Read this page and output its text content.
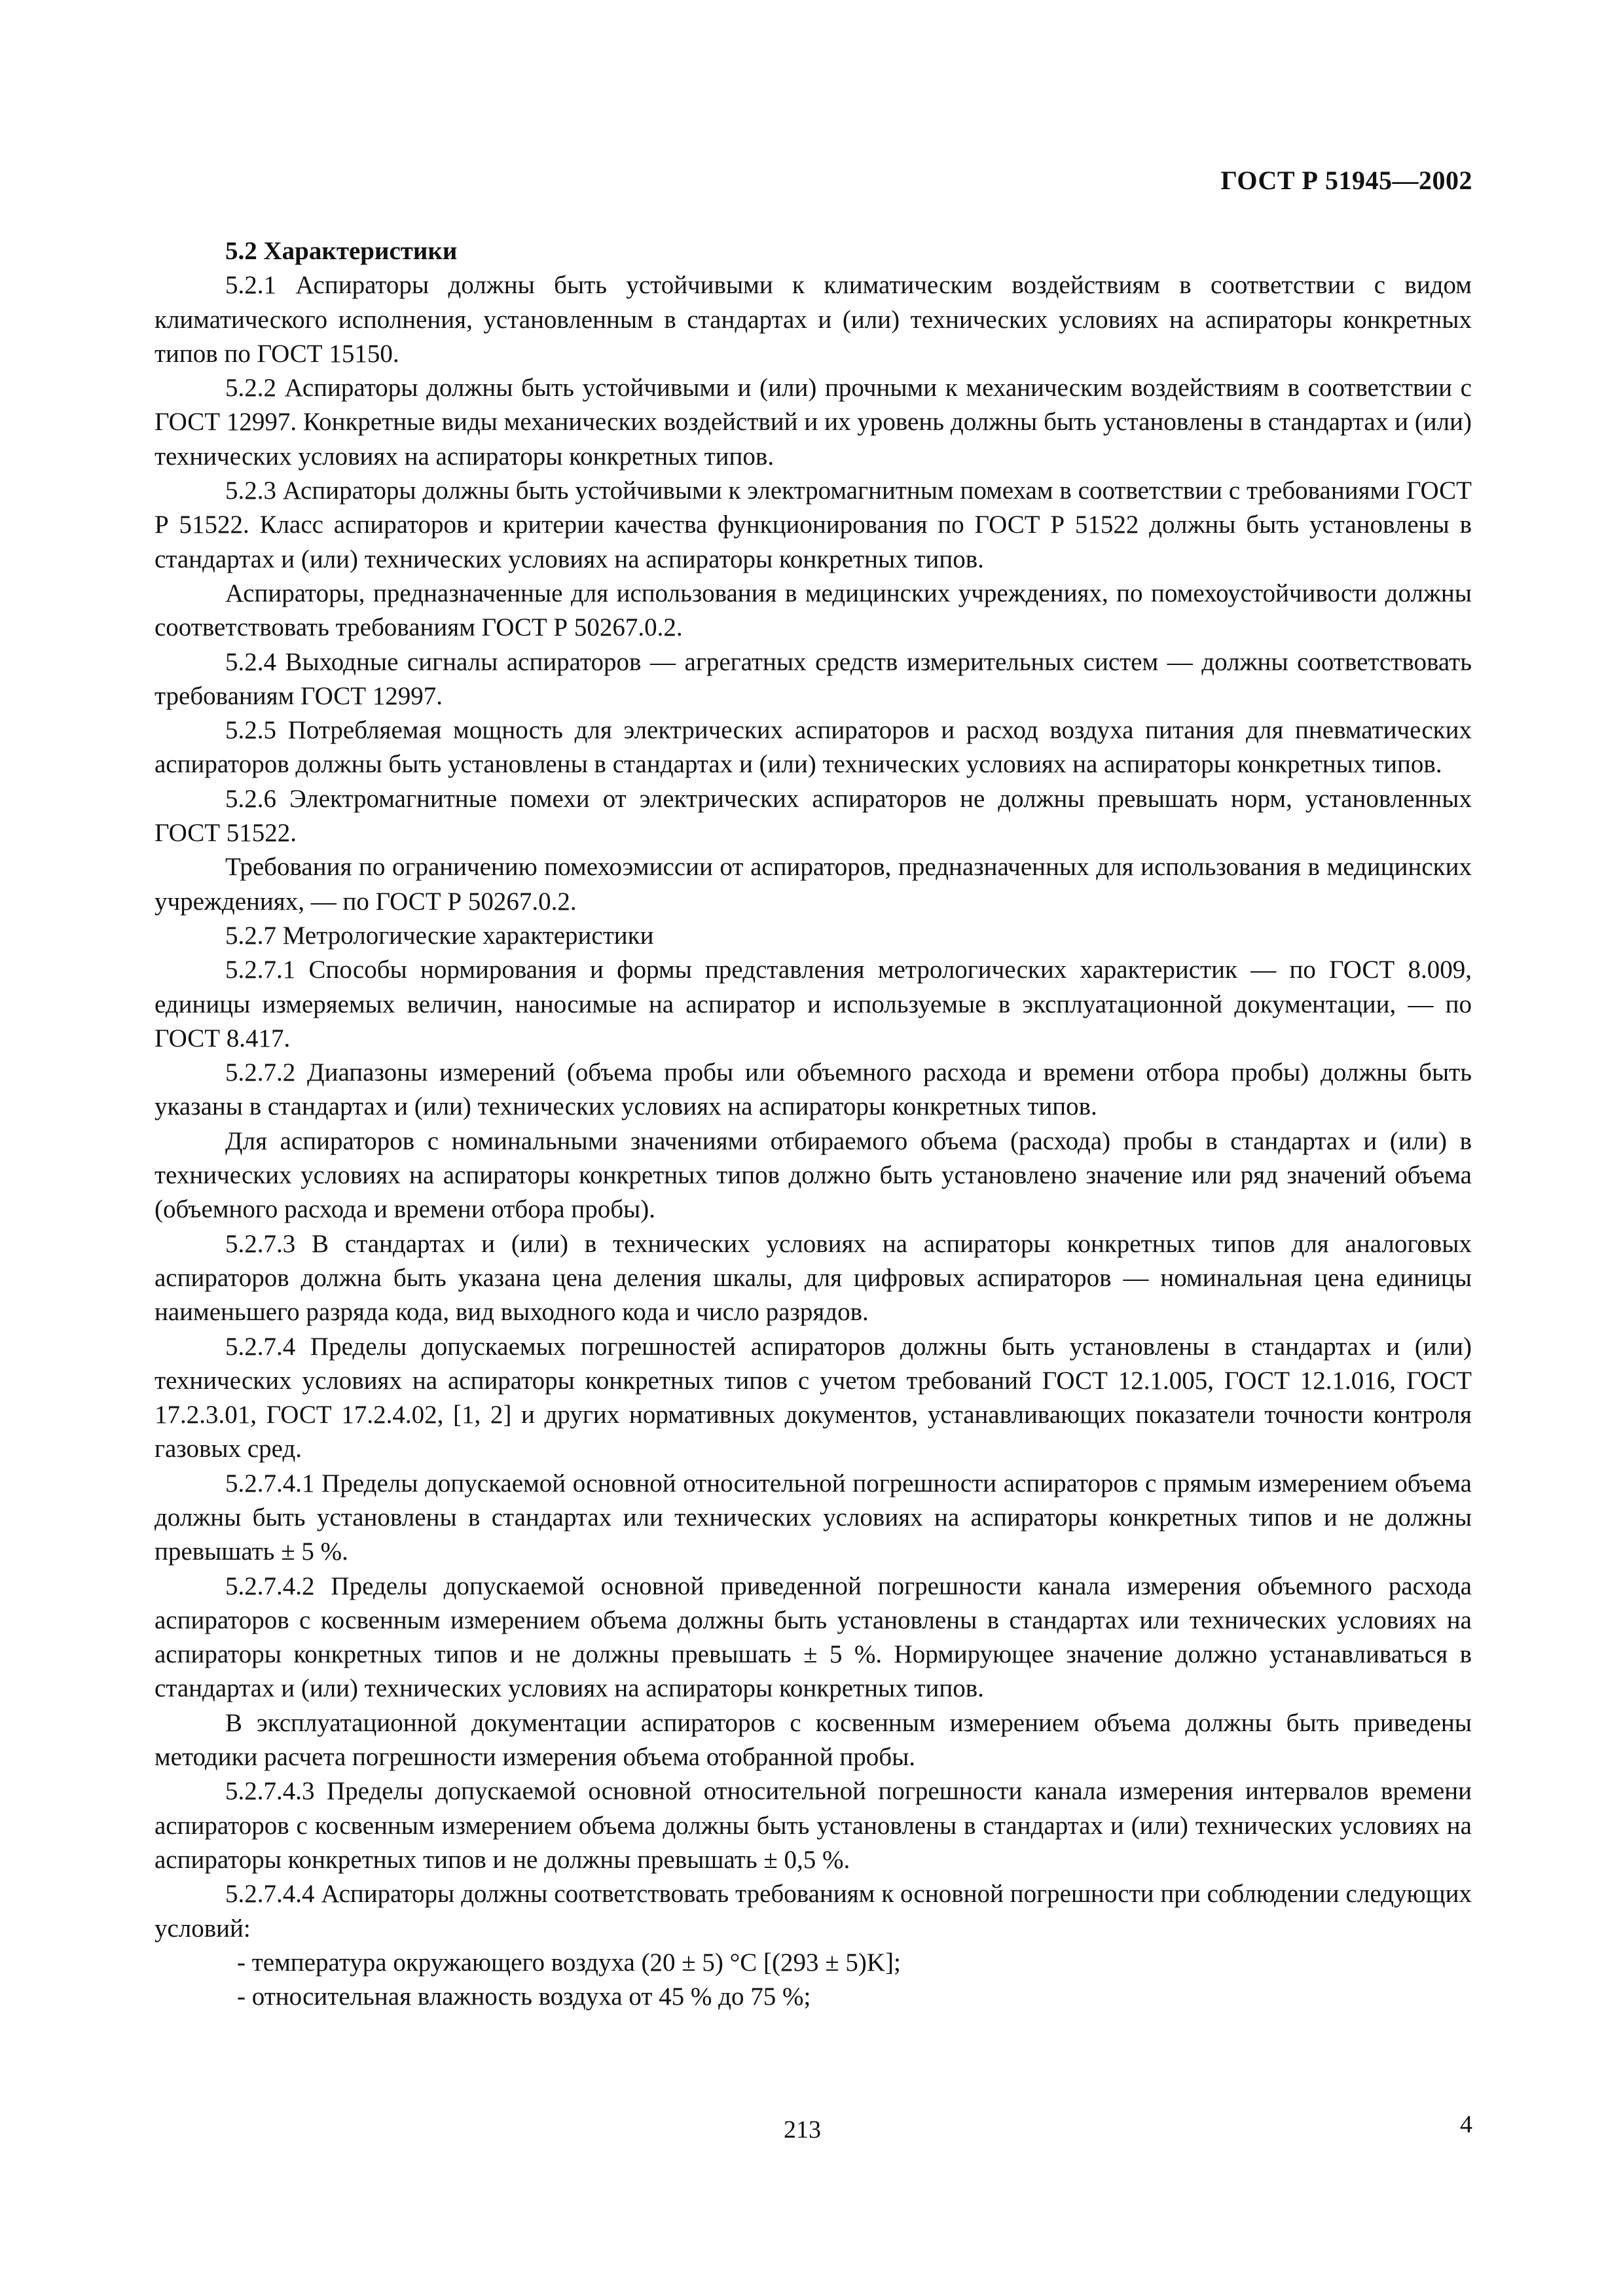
ГОСТ Р 51945—2002

5.2 Характеристики

5.2.1 Аспираторы должны быть устойчивыми к климатическим воздействиям в соответствии с видом климатического исполнения, установленным в стандартах и (или) технических условиях на аспираторы конкретных типов по ГОСТ 15150.

5.2.2 Аспираторы должны быть устойчивыми и (или) прочными к механическим воздействиям в соответствии с ГОСТ 12997. Конкретные виды механических воздействий и их уровень должны быть установлены в стандартах и (или) технических условиях на аспираторы конкретных типов.

5.2.3 Аспираторы должны быть устойчивыми к электромагнитным помехам в соответствии с требованиями ГОСТ Р 51522. Класс аспираторов и критерии качества функционирования по ГОСТ Р 51522 должны быть установлены в стандартах и (или) технических условиях на аспираторы конкретных типов.

Аспираторы, предназначенные для использования в медицинских учреждениях, по помехоустойчивости должны соответствовать требованиям ГОСТ Р 50267.0.2.

5.2.4 Выходные сигналы аспираторов — агрегатных средств измерительных систем — должны соответствовать требованиям ГОСТ 12997.

5.2.5 Потребляемая мощность для электрических аспираторов и расход воздуха питания для пневматических аспираторов должны быть установлены в стандартах и (или) технических условиях на аспираторы конкретных типов.

5.2.6 Электромагнитные помехи от электрических аспираторов не должны превышать норм, установленных ГОСТ 51522.

Требования по ограничению помехоэмиссии от аспираторов, предназначенных для использования в медицинских учреждениях, — по ГОСТ Р 50267.0.2.

5.2.7 Метрологические характеристики

5.2.7.1 Способы нормирования и формы представления метрологических характеристик — по ГОСТ 8.009, единицы измеряемых величин, наносимые на аспиратор и используемые в эксплуатационной документации, — по ГОСТ 8.417.

5.2.7.2 Диапазоны измерений (объема пробы или объемного расхода и времени отбора пробы) должны быть указаны в стандартах и (или) технических условиях на аспираторы конкретных типов.

Для аспираторов с номинальными значениями отбираемого объема (расхода) пробы в стандартах и (или) в технических условиях на аспираторы конкретных типов должно быть установлено значение или ряд значений объема (объемного расхода и времени отбора пробы).

5.2.7.3 В стандартах и (или) в технических условиях на аспираторы конкретных типов для аналоговых аспираторов должна быть указана цена деления шкалы, для цифровых аспираторов — номинальная цена единицы наименьшего разряда кода, вид выходного кода и число разрядов.

5.2.7.4 Пределы допускаемых погрешностей аспираторов должны быть установлены в стандартах и (или) технических условиях на аспираторы конкретных типов с учетом требований ГОСТ 12.1.005, ГОСТ 12.1.016, ГОСТ 17.2.3.01, ГОСТ 17.2.4.02, [1, 2] и других нормативных документов, устанавливающих показатели точности контроля газовых сред.

5.2.7.4.1 Пределы допускаемой основной относительной погрешности аспираторов с прямым измерением объема должны быть установлены в стандартах или технических условиях на аспираторы конкретных типов и не должны превышать ± 5 %.

5.2.7.4.2 Пределы допускаемой основной приведенной погрешности канала измерения объемного расхода аспираторов с косвенным измерением объема должны быть установлены в стандартах или технических условиях на аспираторы конкретных типов и не должны превышать ± 5 %. Нормирующее значение должно устанавливаться в стандартах и (или) технических условиях на аспираторы конкретных типов.

В эксплуатационной документации аспираторов с косвенным измерением объема должны быть приведены методики расчета погрешности измерения объема отобранной пробы.

5.2.7.4.3 Пределы допускаемой основной относительной погрешности канала измерения интервалов времени аспираторов с косвенным измерением объема должны быть установлены в стандартах и (или) технических условиях на аспираторы конкретных типов и не должны превышать ± 0,5 %.

5.2.7.4.4 Аспираторы должны соответствовать требованиям к основной погрешности при соблюдении следующих условий:

- температура окружающего воздуха (20 ± 5) °С [(293 ± 5)K];

- относительная влажность воздуха от 45 % до 75 %;

213	4
